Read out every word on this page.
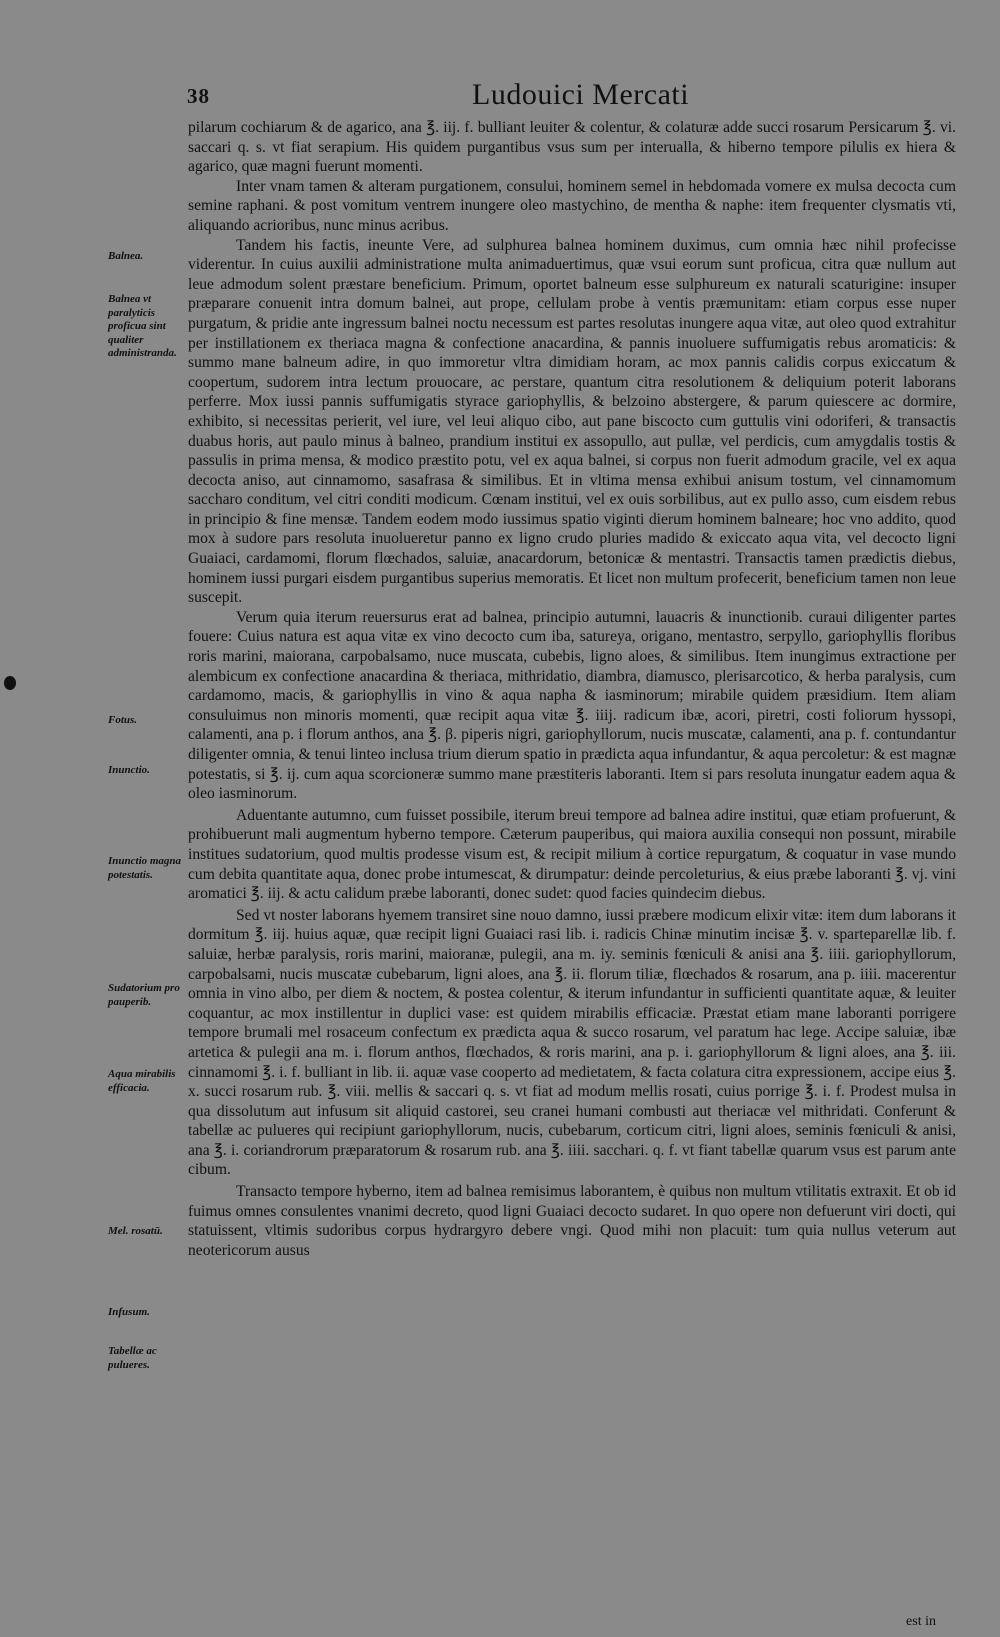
38	Ludouici Mercati
Balnea.
Balnea vt paralyticis proficua sint qualiter administranda.
Fotus.
Inunctio.
Inunctio magna potestatis.
Sudatorium pro pauperib.
Aqua mirabilis efficacia.
Mel. rosatū.
Infusum.
Tabellæ ac pulueres.

pilarum cochiarum & de agarico, ana ℥. iij. f. bulliant leuiter & colentur, & colaturæ adde succi rosarum Persicarum ℥. vi. saccari q. s. vt fiat serapium. His quidem purgantibus vsus sum per interualla, & hiberno tempore pilulis ex hiera & agarico, quæ magni fuerunt momenti.

Inter vnam tamen & alteram purgationem, consului, hominem semel in hebdomada vomere ex mulsa decocta cum semine raphani. & post vomitum ventrem inungere oleo mastychino, de mentha & naphe: item frequenter clysmatis vti, aliquando acrioribus, nunc minus acribus.

Tandem his factis, ineunte Vere, ad sulphurea balnea hominem duximus, cum omnia hæc nihil profecisse viderentur. In cuius auxilii administratione multa animaduertimus, quæ vsui eorum sunt proficua, citra quæ nullum aut leue admodum solent præstare beneficium. Primum, oportet balneum esse sulphureum ex naturali scaturigine: insuper præparare conuenit intra domum balnei, aut prope, cellulam probe à ventis præmunitam: etiam corpus esse nuper purgatum, & pridie ante ingressum balnei noctu necessum est partes resolutas inungere aqua vitæ, aut oleo quod extrahitur per instillationem ex theriaca magna & confectione anacardina, & pannis inuoluere suffumigatis rebus aromaticis: & summo mane balneum adire, in quo immoretur vltra dimidiam horam, ac mox pannis calidis corpus exiccatum & coopertum, sudorem intra lectum prouocare, ac perstare, quantum citra resolutionem & deliquium poterit laborans perferre. Mox iussi pannis suffumigatis styrace gariophyllis, & belzoino abstergere, & parum quiescere ac dormire, exhibito, si necessitas perierit, vel iure, vel leui aliquo cibo, aut pane biscocto cum guttulis vini odoriferi, & transactis duabus horis, aut paulo minus à balneo, prandium institui ex assopullo, aut pullæ, vel perdicis, cum amygdalis tostis & passulis in prima mensa, & modico præstito potu, vel ex aqua balnei, si corpus non fuerit admodum gracile, vel ex aqua decocta aniso, aut cinnamomo, sasafrasa & similibus. Et in vltima mensa exhibui anisum tostum, vel cinnamomum saccharo conditum, vel citri conditi modicum. Cœnam institui, vel ex ouis sorbilibus, aut ex pullo asso, cum eisdem rebus in principio & fine mensæ. Tandem eodem modo iussimus spatio viginti dierum hominem balneare; hoc vno addito, quod mox à sudore pars resoluta inuolueretur panno ex ligno crudo pluries madido & exiccato aqua vita, vel decocto ligni Guaiaci, cardamomi, florum flœchados, saluiæ, anacardorum, betonicæ & mentastri. Transactis tamen prædictis diebus, hominem iussi purgari eisdem purgantibus superius memoratis. Et licet non multum profecerit, beneficium tamen non leue suscepit.

Verum quia iterum reuersurus erat ad balnea, principio autumni, lauacris & inunctionib. curaui diligenter partes fouere: Cuius natura est aqua vitæ ex vino decocto cum iba, satureya, origano, mentastro, serpyllo, gariophyllis floribus roris marini, maiorana, carpobalsamo, nuce muscata, cubebis, ligno aloes, & similibus. Item inungimus extractione per alembicum ex confectione anacardina & theriaca, mithridatio, diambra, diamusco, plerisarcotico, & herba paralysis, cum cardamomo, macis, & gariophyllis in vino & aqua napha & iasminorum; mirabile quidem præsidium. Item aliam consuluimus non minoris momenti, quæ recipit aqua vitæ ℥. iiij. radicum ibæ, acori, piretri, costi foliorum hyssopi, calamenti, ana p. i florum anthos, ana ℥. β. piperis nigri, gariophyllorum, nucis muscatæ, calamenti, ana p. f. contundantur diligenter omnia, & tenui linteo inclusa trium dierum spatio in prædicta aqua infundantur, & aqua percoletur: & est magnæ potestatis, si ℥. ij. cum aqua scorcioneræ summo mane præstiteris laboranti. Item si pars resoluta inungatur eadem aqua & oleo iasminorum.

Aduentante autumno, cum fuisset possibile, iterum breui tempore ad balnea adire institui, quæ etiam profuerunt, & prohibuerunt mali augmentum hyberno tempore. Cæterum pauperibus, qui maiora auxilia consequi non possunt, mirabile institues sudatorium, quod multis prodesse visum est, & recipit milium à cortice repurgatum, & coquatur in vase mundo cum debita quantitate aqua, donec probe intumescat, & dirumpatur: deinde percoleturius, & eius præbe laboranti ℥. vj. vini aromatici ℥. iij. & actu calidum præbe laboranti, donec sudet: quod facies quindecim diebus.

Sed vt noster laborans hyemem transiret sine nouo damno, iussi præbere modicum elixir vitæ: item dum laborans it dormitum ℥. iij. huius aquæ, quæ recipit ligni Guaiaci rasi lib. i. radicis Chinæ minutim incisæ ℥. v. sparteparellæ lib. f. saluiæ, herbæ paralysis, roris marini, maioranæ, pulegii, ana m. iy. seminis fœniculi & anisi ana ℥. iiii. gariophyllorum, carpobalsami, nucis muscatæ cubebarum, ligni aloes, ana ℥. ii. florum tiliæ, flœchados & rosarum, ana p. iiii. macerentur omnia in vino albo, per diem & noctem, & postea colentur, & iterum infundantur in sufficienti quantitate aquæ, & leuiter coquantur, ac mox instillentur in duplici vase: est quidem mirabilis efficaciæ. Præstat etiam mane laboranti porrigere tempore brumali mel rosaceum confectum ex prædicta aqua & succo rosarum, vel paratum hac lege. Accipe saluiæ, ibæ artetica & pulegii ana m. i. florum anthos, flœchados, & roris marini, ana p. i. gariophyllorum & ligni aloes, ana ℥. iii. cinnamomi ℥. i. f. bulliant in lib. ii. aquæ vase cooperto ad medietatem, & facta colatura citra expressionem, accipe eius ℥. x. succi rosarum rub. ℥. viii. mellis & saccari q. s. vt fiat ad modum mellis rosati, cuius porrige ℥. i. f. Prodest mulsa in qua dissolutum aut infusum sit aliquid castorei, seu cranei humani combusti aut theriacæ vel mithridati. Conferunt & tabellæ ac pulueres qui recipiunt gariophyllorum, nucis, cubebarum, corticum citri, ligni aloes, seminis fœniculi & anisi, ana ℥. i. coriandrorum præparatorum & rosarum rub. ana ℥. iiii. sacchari. q. f. vt fiant tabellæ quarum vsus est parum ante cibum.

Transacto tempore hyberno, item ad balnea remisimus laborantem, è quibus non multum vtilitatis extraxit. Et ob id fuimus omnes consulentes vnanimi decreto, quod ligni Guaiaci decocto sudaret. In quo opere non defuerunt viri docti, qui statuissent, vltimis sudoribus corpus hydrargyro debere vngi. Quod mihi non placuit: tum quia nullus veterum aut neotericorum ausus

est in
